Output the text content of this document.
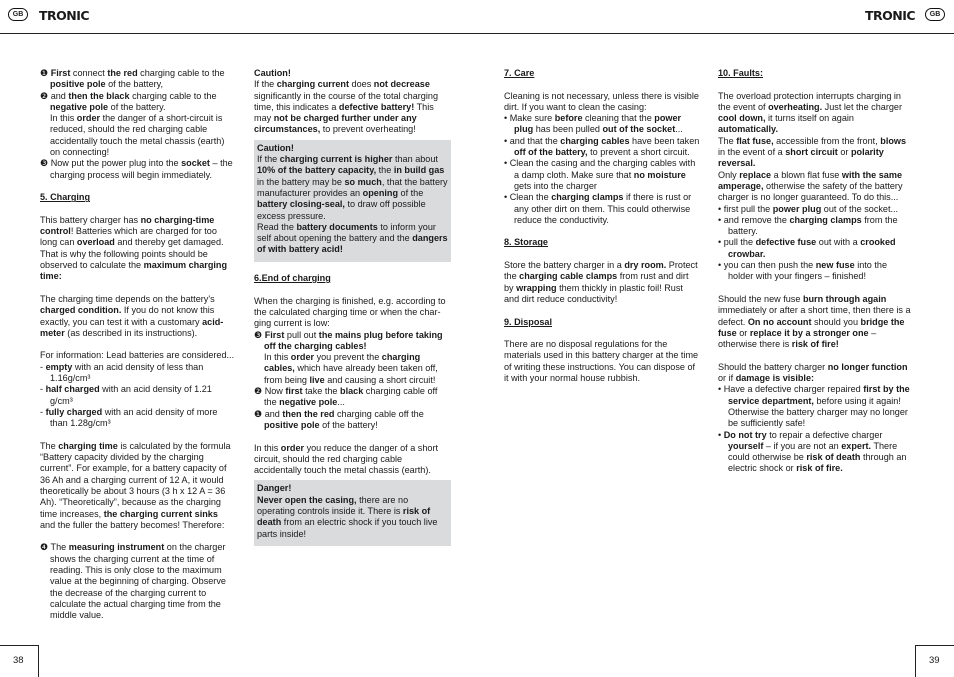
GB	TRONIC	TRONIC	GB

❶ First connect the red charging cable to the positive pole of the battery,

❷ and then the black charging cable to the negative pole of the battery.

In this order the danger of a short-circuit is reduced, should the red charging cable accidentally touch the metal chassis (earth) on connecting!

❸ Now put the power plug into the socket – the charging process will begin immediately.

5. Charging

This battery charger has no charging-time control! Batteries which are charged for too long can overload and thereby get damaged. That is why the following points should be observed to calculate the maximum charging time:

The charging time depends on the battery's charged condition. If you do not know this exactly, you can test it with a customary acid-meter (as described in its instructions).

For information: Lead batteries are considered...

- empty with an acid density of less than 1.16g/cm³

- half charged with an acid density of 1.21 g/cm³

- fully charged with an acid density of more than 1.28g/cm³

The charging time is calculated by the formula “Battery capacity divided by the charging current”. For example, for a battery capacity of 36 Ah and a charging current of 12 A, it would theoretically be about 3 hours (3 h x 12 A = 36 Ah). “Theoretically”, because as the charging time increases, the charging current sinks and the fuller the battery becomes! Therefore:

❹ The measuring instrument on the charger shows the charging current at the time of reading. This is only close to the maximum value at the beginning of charging. Observe the decrease of the charging current to calculate the actual charging time from the middle value.

Caution!

If the charging current does not decrease significantly in the course of the total charging time, this indicates a defective battery! This may not be charged further under any circumstances, to prevent overheating!

Caution!

If the charging current is higher than about 10% of the battery capacity, the in build gas in the battery may be so much, that the battery manufacturer provides an opening of the battery closing-seal, to draw off possible excess pressure.

Read the battery documents to inform your self about opening the battery and the dangers of with battery acid!

6.End of charging

When the charging is finished, e.g. according to the calculated charging time or when the char-ging current is low:

❸ First pull out the mains plug before taking off the charging cables!

In this order you prevent the charging cables, which have already been taken off, from being live and causing a short circuit!

❷ Now first take the black charging cable off the negative pole...

❶ and then the red charging cable off the positive pole of the battery!

In this order you reduce the danger of a short circuit, should the red charging cable accidentally touch the metal chassis (earth).

Danger!

Never open the casing, there are no operating controls inside it. There is risk of death from an electric shock if you touch live parts inside!

7. Care

Cleaning is not necessary, unless there is visible dirt. If you want to clean the casing:

• Make sure before cleaning that the power plug has been pulled out of the socket...

• and that the charging cables have been taken off of the battery, to prevent a short circuit.

• Clean the casing and the charging cables with a damp cloth. Make sure that no moisture gets into the charger

• Clean the charging clamps if there is rust or any other dirt on them. This could otherwise reduce the conductivity.

8. Storage

Store the battery charger in a dry room. Protect the charging cable clamps from rust and dirt by wrapping them thickly in plastic foil! Rust and dirt reduce conductivity!

9. Disposal

There are no disposal regulations for the materials used in this battery charger at the time of writing these instructions. You can dispose of it with your normal house rubbish.

10. Faults:

The overload protection interrupts charging in the event of overheating. Just let the charger cool down, it turns itself on again automatically.

The flat fuse, accessible from the front, blows in the event of a short circuit or polarity reversal.

Only replace a blown flat fuse with the same amperage, otherwise the safety of the battery charger is no longer guaranteed. To do this...

• first pull the power plug out of the socket...

• and remove the charging clamps from the battery.

• pull the defective fuse out with a crooked crowbar.

• you can then push the new fuse into the holder with your fingers – finished!

Should the new fuse burn through again immediately or after a short time, then there is a defect. On no account should you bridge the fuse or replace it by a stronger one – otherwise there is risk of fire!

Should the battery charger no longer function or if damage is visible:

• Have a defective charger repaired first by the service department, before using it again! Otherwise the battery charger may no longer be sufficiently safe!

• Do not try to repair a defective charger yourself – if you are not an expert. There could otherwise be risk of death through an electric shock or risk of fire.

38	39
